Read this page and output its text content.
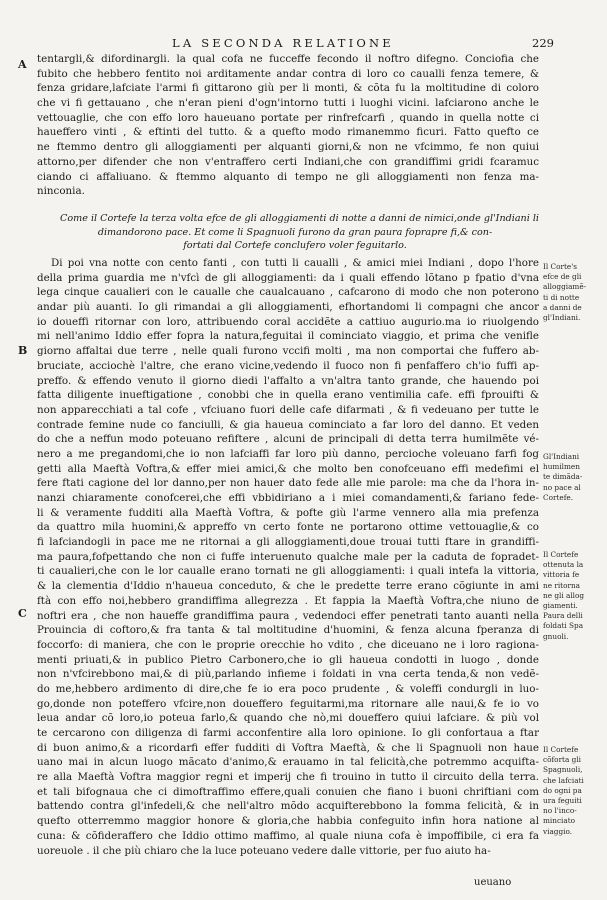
LA SECONDA RELATIONE	229
A
B
C
tentargli,& difordinargli. la qual cofa ne fucceffe fecondo il noftro difegno. Conciofia che
fubito che hebbero fentito noi arditamente andar contra di loro co caualli fenza temere, &
fenza gridare,lafciate l'armi fi gittarono giù per li monti, & cõta fu la moltitudine di coloro
che vi fi gettauano , che n'eran pieni d'ogn'intorno tutti i luoghi vicini. lafciarono anche le
vettouaglie, che con effo loro haueuano portate per rinfrefcarfi , quando in quella notte ci
haueffero vinti , & eftinti del tutto. & a quefto modo rimanemmo ficuri. Fatto quefto ce
ne ftemmo dentro gli alloggiamenti per alquanti giorni,& non ne vfcimmo, fe non quiui
attorno,per difender che non v'entraffero certi Indiani,che con grandiffimi gridi fcaramuc
ciando ci affaliuano. & ftemmo alquanto di tempo ne gli alloggiamenti non fenza ma-
ninconia.
Come il Cortefe la terza volta efce de gli alloggiamenti di notte a danni de nimici,onde gl'Indiani li
dimandorono pace. Et come li Spagnuoli furono da gran paura foprapre fi,& con-
fortati dal Cortefe conclufero voler feguitarlo.
Di poi vna notte con cento fanti , con tutti li caualli , & amici miei Indiani , dopo l'hore
della prima guardia me n'vfcì de gli alloggiamenti: da i quali effendo lõtano p fpatio d'vna
lega cinque caualieri con le caualle che caualcauano , cafcarono di modo che non poterono
andar più auanti. Io gli rimandai a gli alloggiamenti, efhortandomi li compagni che ancor
io doueffi ritornar con loro, attribuendo coral accidẽte a cattiuo augurio.ma io riuolgendo
mi nell'animo Iddio effer fopra la natura,feguitai il cominciato viaggio, et prima che venifle
giorno affaltai due terre , nelle quali furono vccifi molti , ma non comportai che fuffero ab-
bruciate, acciochè l'altre, che erano vicine,vedendo il fuoco non fi penfaffero ch'io fuffi ap-
preffo. & effendo venuto il giorno diedi l'affalto a vn'altra tanto grande, che hauendo poi
fatta diligente inueftigatione , conobbi che in quella erano ventimilia cafe. effi fprouifti &
non apparecchiati a tal cofe , vfciuano fuori delle cafe difarmati , & fi vedeuano per tutte le
contrade femine nude co fanciulli, & gia haueua cominciato a far loro del danno. Et veden
do che a neffun modo poteuano refiftere , alcuni de principali di detta terra humilmẽte vé-
nero a me pregandomi,che io non lafciaffi far loro più danno, percioche voleuano farfi fog
getti alla Maeftà Voftra,& effer miei amici,& che molto ben conofceuano effi medefimi el
fere ftati cagione del lor danno,per non hauer dato fede alle mie parole: ma che da l'hora in-
nanzi chiaramente conofcerei,che effi vbbidiriano a i miei comandamenti,& fariano fede-
li & veramente fudditi alla Maeftà Voftra, & pofte giù l'arme vennero alla mia prefenza
da quattro mila huomini,& appreffo vn certo fonte ne portarono ottime vettouaglie,& co
fi lafciandogli in pace me ne ritornai a gli alloggiamenti,doue trouai tutti ftare in grandiffi-
ma paura,fofpettando che non ci fuffe interuenuto qualche male per la caduta de fopradet-
ti caualieri,che con le lor caualle erano tornati ne gli alloggiamenti: i quali intefa la vittoria,
& la clementia d'Iddio n'haueua conceduto, & che le predette terre erano cõgiunte in ami
ftà con effo noi,hebbero grandiffima allegrezza . Et fappia la Maeftà Voftra,che niuno de
noftri era , che non haueffe grandiffima paura , vedendoci effer penetrati tanto auanti nella
Prouincia di coftoro,& fra tanta & tal moltitudine d'huomini, & fenza alcuna fperanza di
foccorfo: di maniera, che con le proprie orecchie ho vdito , che diceuano ne i loro ragiona-
menti priuati,& in publico Pietro Carbonero,che io gli haueua condotti in luogo , donde
non n'vfcirebbono mai,& di più,parlando infieme i foldati in vna certa tenda,& non vedẽ-
do me,hebbero ardimento di dire,che fe io era poco prudente , & voleffi condurgli in luo-
go,donde non poteffero vfcire,non doueffero feguitarmi,ma ritornare alle naui,& fe io vo
leua andar cõ loro,io poteua farlo,& quando che nò,mi doueffero quiui lafciare. & più vol
te cercarono con diligenza di farmi acconfentire alla loro opinione. Io gli confortaua a ftar
di buon animo,& a ricordarfi effer fudditi di Voftra Maeftà, & che li Spagnuoli non haue
uano mai in alcun luogo mãcato d'animo,& erauamo in tal felicità,che potremmo acquifta-
re alla Maeftà Voftra maggior regni et imperij che fi trouino in tutto il circuito della terra.
et tali bifognaua che ci dimoftraffimo effere,quali conuien che fiano i buoni chriftiani com
battendo contra gl'infedeli,& che nell'altro mõdo acquifterebbono la fomma felicità, & in
quefto otterremmo maggior honore & gloria,che habbia confeguito infin hora natione al
cuna: & cõfideraffero che Iddio ottimo maffimo, al quale niuna cofa è impoffibile, ci era fa
uoreuole . il che più chiaro che la luce poteuano vedere dalle vittorie, per fuo aiuto ha-
Il Corte's
efce de gli
alloggiamẽ-
ti di notte
a danni de
gl'Indiani.
Gl'Indiani
humilmen
te dimãda-
no pace al
Cortefe.
Il Cortefe
ottenuta la
vittoria fe
ne ritorna
ne gli allog
giamenti.
Paura delli
foldati Spa
gnuoli.
Il Cortefe
cõforta gli
Spagnuoli,
che lafciati
do ogni pa
ura feguiti
no l'inco-
minciato
viaggio.
ueuano
